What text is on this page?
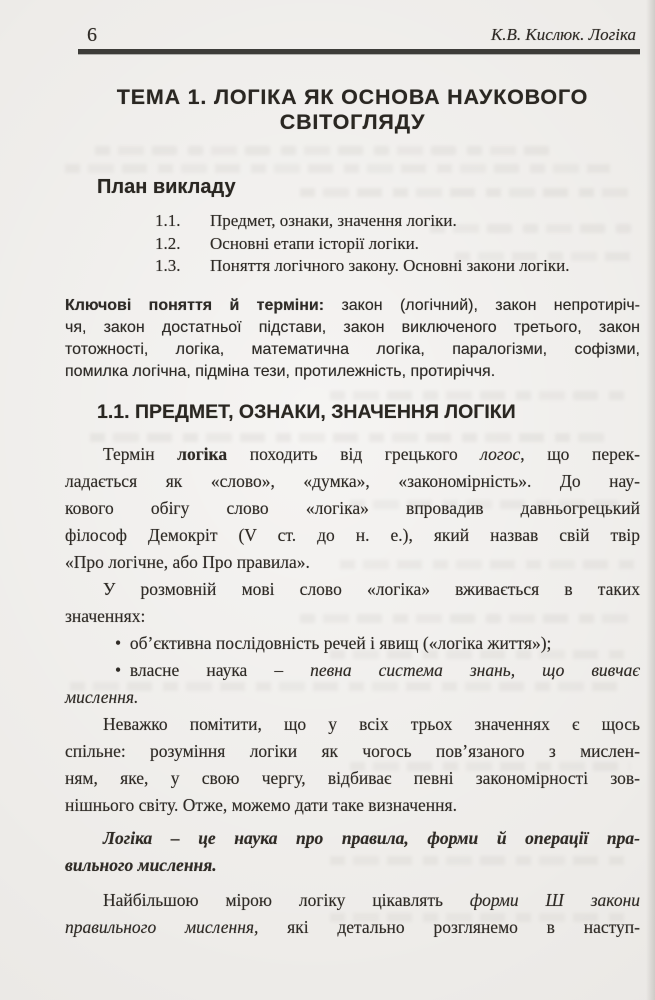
6	К.В. Кислюк. Логіка
ТЕМА 1. ЛОГІКА ЯК ОСНОВА НАУКОВОГО
СВІТОГЛЯДУ
План викладу
1.1.	Предмет, ознаки, значення логіки.
1.2.	Основні етапи історії логіки.
1.3.	Поняття логічного закону. Основні закони логіки.
Ключові поняття й терміни: закон (логічний), закон непротиріч-
чя, закон достатньої підстави, закон виключеного третього, закон
тотожності, логіка, математична логіка, паралогізми, софізми,
помилка логічна, підміна тези, протилежність, протиріччя.
1.1. ПРЕДМЕТ, ОЗНАКИ, ЗНАЧЕННЯ ЛОГІКИ
Термін логіка походить від грецького логос, що перек-
ладається як «слово», «думка», «закономірність». До нау-
кового обігу слово «логіка» впровадив давньогрецький
філософ Демокріт (V ст. до н. е.), який назвав свій твір
«Про логічне, або Про правила».
У розмовній мові слово «логіка» вживається в таких
значеннях:
• об’єктивна послідовність речей і явищ («логіка життя»);
• власне наука – певна система знань, що вивчає
мислення.
Неважко помітити, що у всіх трьох значеннях є щось
спільне: розуміння логіки як чогось пов’язаного з мислен-
ням, яке, у свою чергу, відбиває певні закономірності зов-
нішнього світу. Отже, можемо дати таке визначення.
Логіка – це наука про правила, форми й операції пра-
вильного мислення.
Найбільшою мірою логіку цікавлять форми Ш закони
правильного мислення, які детально розглянемо в наступ-
